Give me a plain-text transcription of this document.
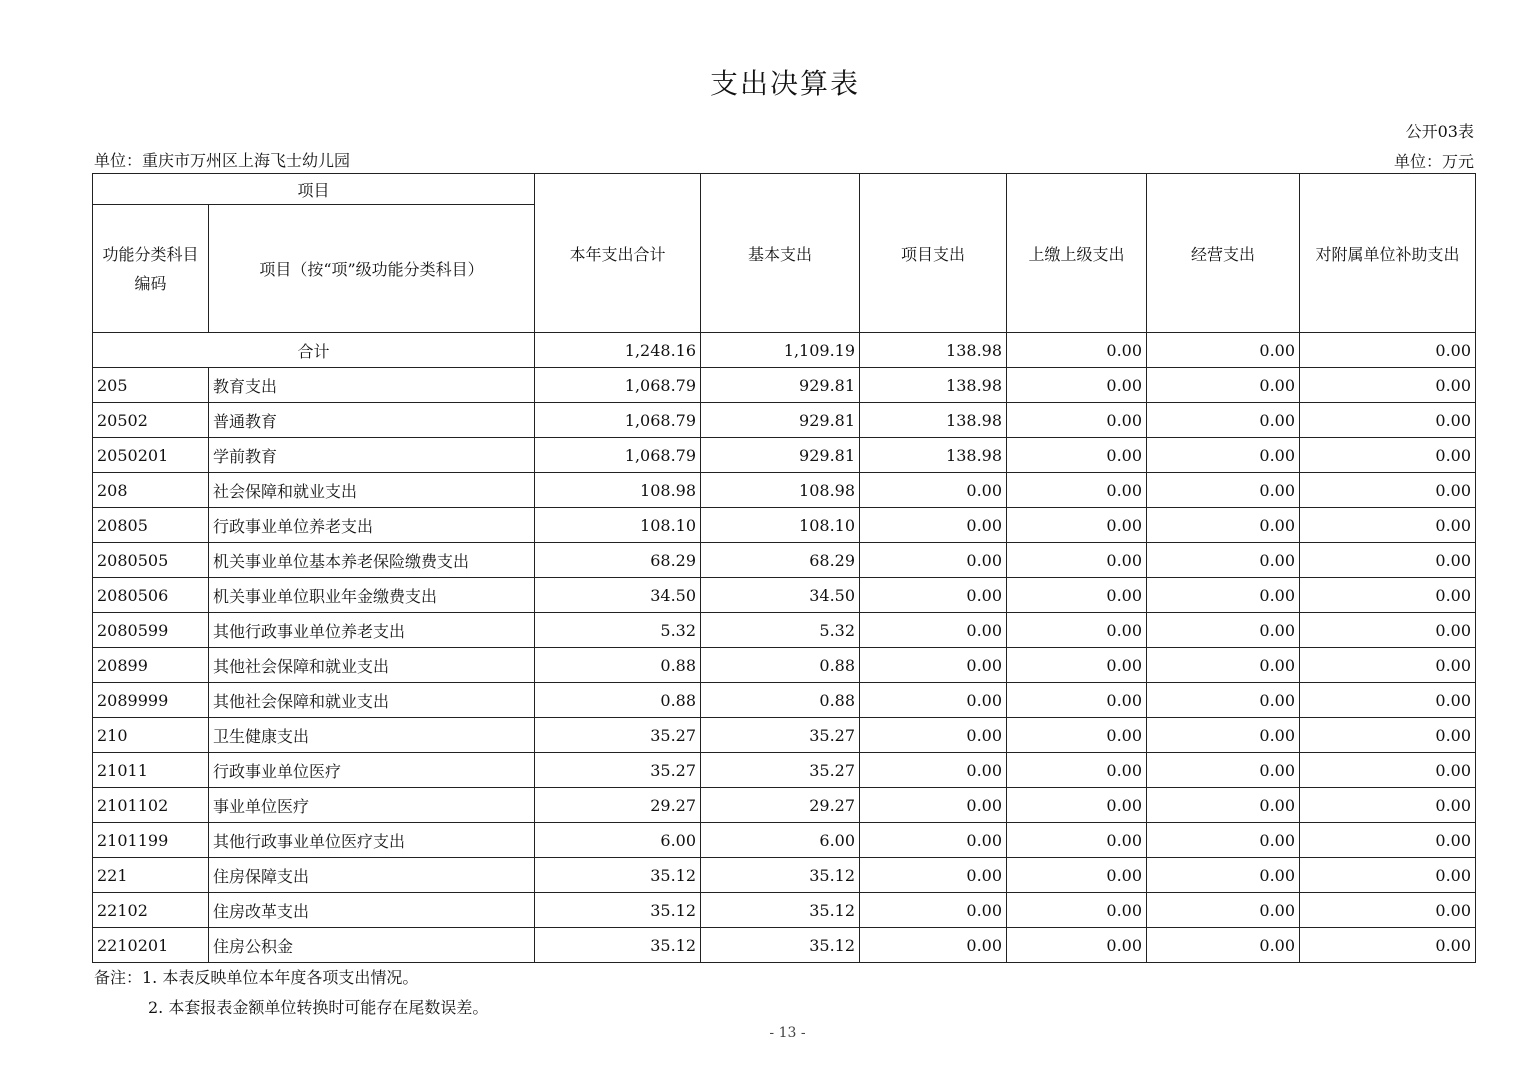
支出决算表
公开03表
单位：重庆市万州区上海飞士幼儿园	单位：万元
项目		本年支出合计	基本支出	项目支出	上缴上级支出	经营支出	对附属单位补助支出
功能分类科目编码	项目（按“项”级功能分类科目）						
合计		1,248.16	1,109.19	138.98	0.00	0.00	0.00
205	教育支出	1,068.79	929.81	138.98	0.00	0.00	0.00
20502	普通教育	1,068.79	929.81	138.98	0.00	0.00	0.00
2050201	学前教育	1,068.79	929.81	138.98	0.00	0.00	0.00
208	社会保障和就业支出	108.98	108.98	0.00	0.00	0.00	0.00
20805	行政事业单位养老支出	108.10	108.10	0.00	0.00	0.00	0.00
2080505	机关事业单位基本养老保险缴费支出	68.29	68.29	0.00	0.00	0.00	0.00
2080506	机关事业单位职业年金缴费支出	34.50	34.50	0.00	0.00	0.00	0.00
2080599	其他行政事业单位养老支出	5.32	5.32	0.00	0.00	0.00	0.00
20899	其他社会保障和就业支出	0.88	0.88	0.00	0.00	0.00	0.00
2089999	其他社会保障和就业支出	0.88	0.88	0.00	0.00	0.00	0.00
210	卫生健康支出	35.27	35.27	0.00	0.00	0.00	0.00
21011	行政事业单位医疗	35.27	35.27	0.00	0.00	0.00	0.00
2101102	事业单位医疗	29.27	29.27	0.00	0.00	0.00	0.00
2101199	其他行政事业单位医疗支出	6.00	6.00	0.00	0.00	0.00	0.00
221	住房保障支出	35.12	35.12	0.00	0.00	0.00	0.00
22102	住房改革支出	35.12	35.12	0.00	0.00	0.00	0.00
2210201	住房公积金	35.12	35.12	0.00	0.00	0.00	0.00
备注：1. 本表反映单位本年度各项支出情况。
2. 本套报表金额单位转换时可能存在尾数误差。
- 13 -
